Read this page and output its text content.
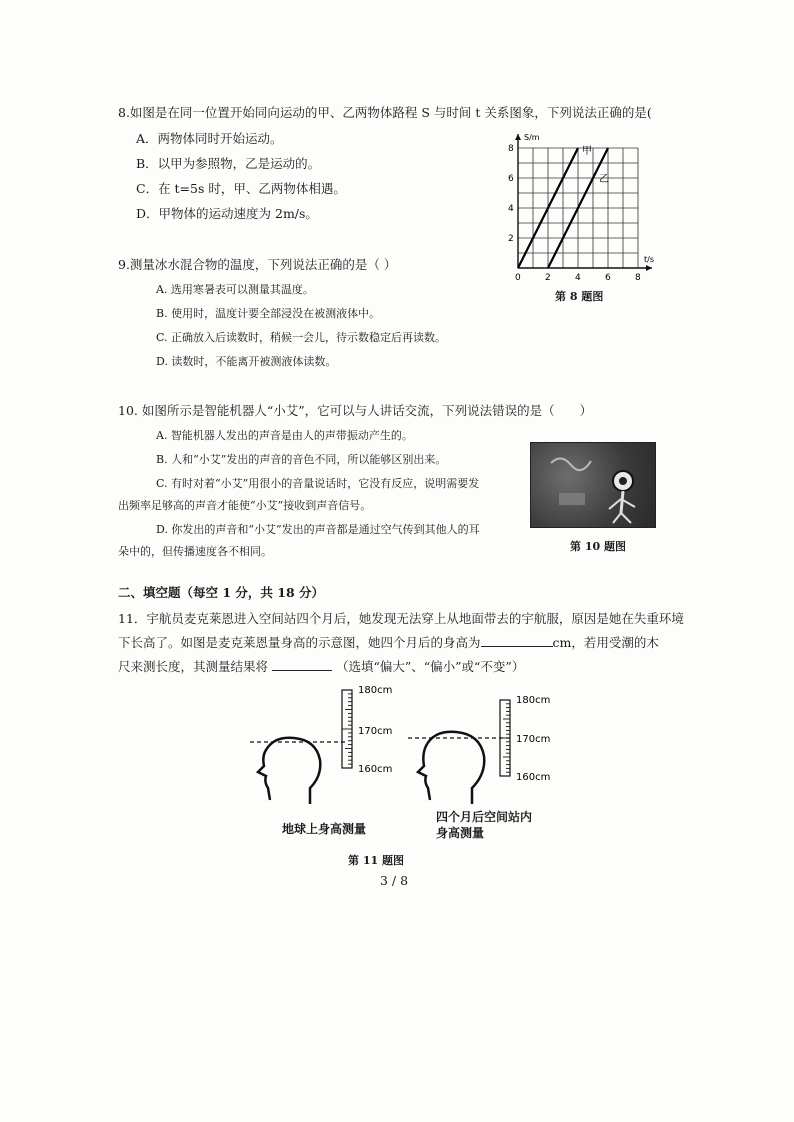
8.如图是在同一位置开始同向运动的甲、乙两物体路程 S 与时间 t 关系图象，下列说法正确的是(
A．两物体同时开始运动。
B．以甲为参照物，乙是运动的。
C．在 t=5s 时，甲、乙两物体相遇。
D．甲物体的运动速度为 2m/s。
0	2	4	6	8
2
4
6
8
S/m
t/s
甲
乙
第 8 题图
9.测量冰水混合物的温度，下列说法正确的是（ ）
A. 选用寒暑表可以测量其温度。
B. 使用时，温度计要全部浸没在被测液体中。
C. 正确放入后读数时，稍候一会儿，待示数稳定后再读数。
D. 读数时，不能离开被测液体读数。
10. 如图所示是智能机器人“小艾”，它可以与人讲话交流，下列说法错误的是（　　）
A. 智能机器人发出的声音是由人的声带振动产生的。
B. 人和“小艾”发出的声音的音色不同，所以能够区别出来。
C. 有时对着“小艾”用很小的音量说话时，它没有反应，说明需要发
出频率足够高的声音才能使“小艾”接收到声音信号。
D. 你发出的声音和“小艾”发出的声音都是通过空气传到其他人的耳
朵中的，但传播速度各不相同。	第 10 题图
二、填空题（每空 1 分，共 18 分）
11．宇航员麦克莱恩进入空间站四个月后，她发现无法穿上从地面带去的宇航服，原因是她在失重环境
下长高了。如图是麦克莱恩量身高的示意图，她四个月后的身高为	cm，若用受潮的木
尺来测长度，其测量结果将	（选填“偏大”、“偏小”或“不变”）
180cm
170cm
160cm
180cm
170cm
160cm
地球上身高测量
四个月后空间站内
身高测量
第 11 题图
3 / 8
